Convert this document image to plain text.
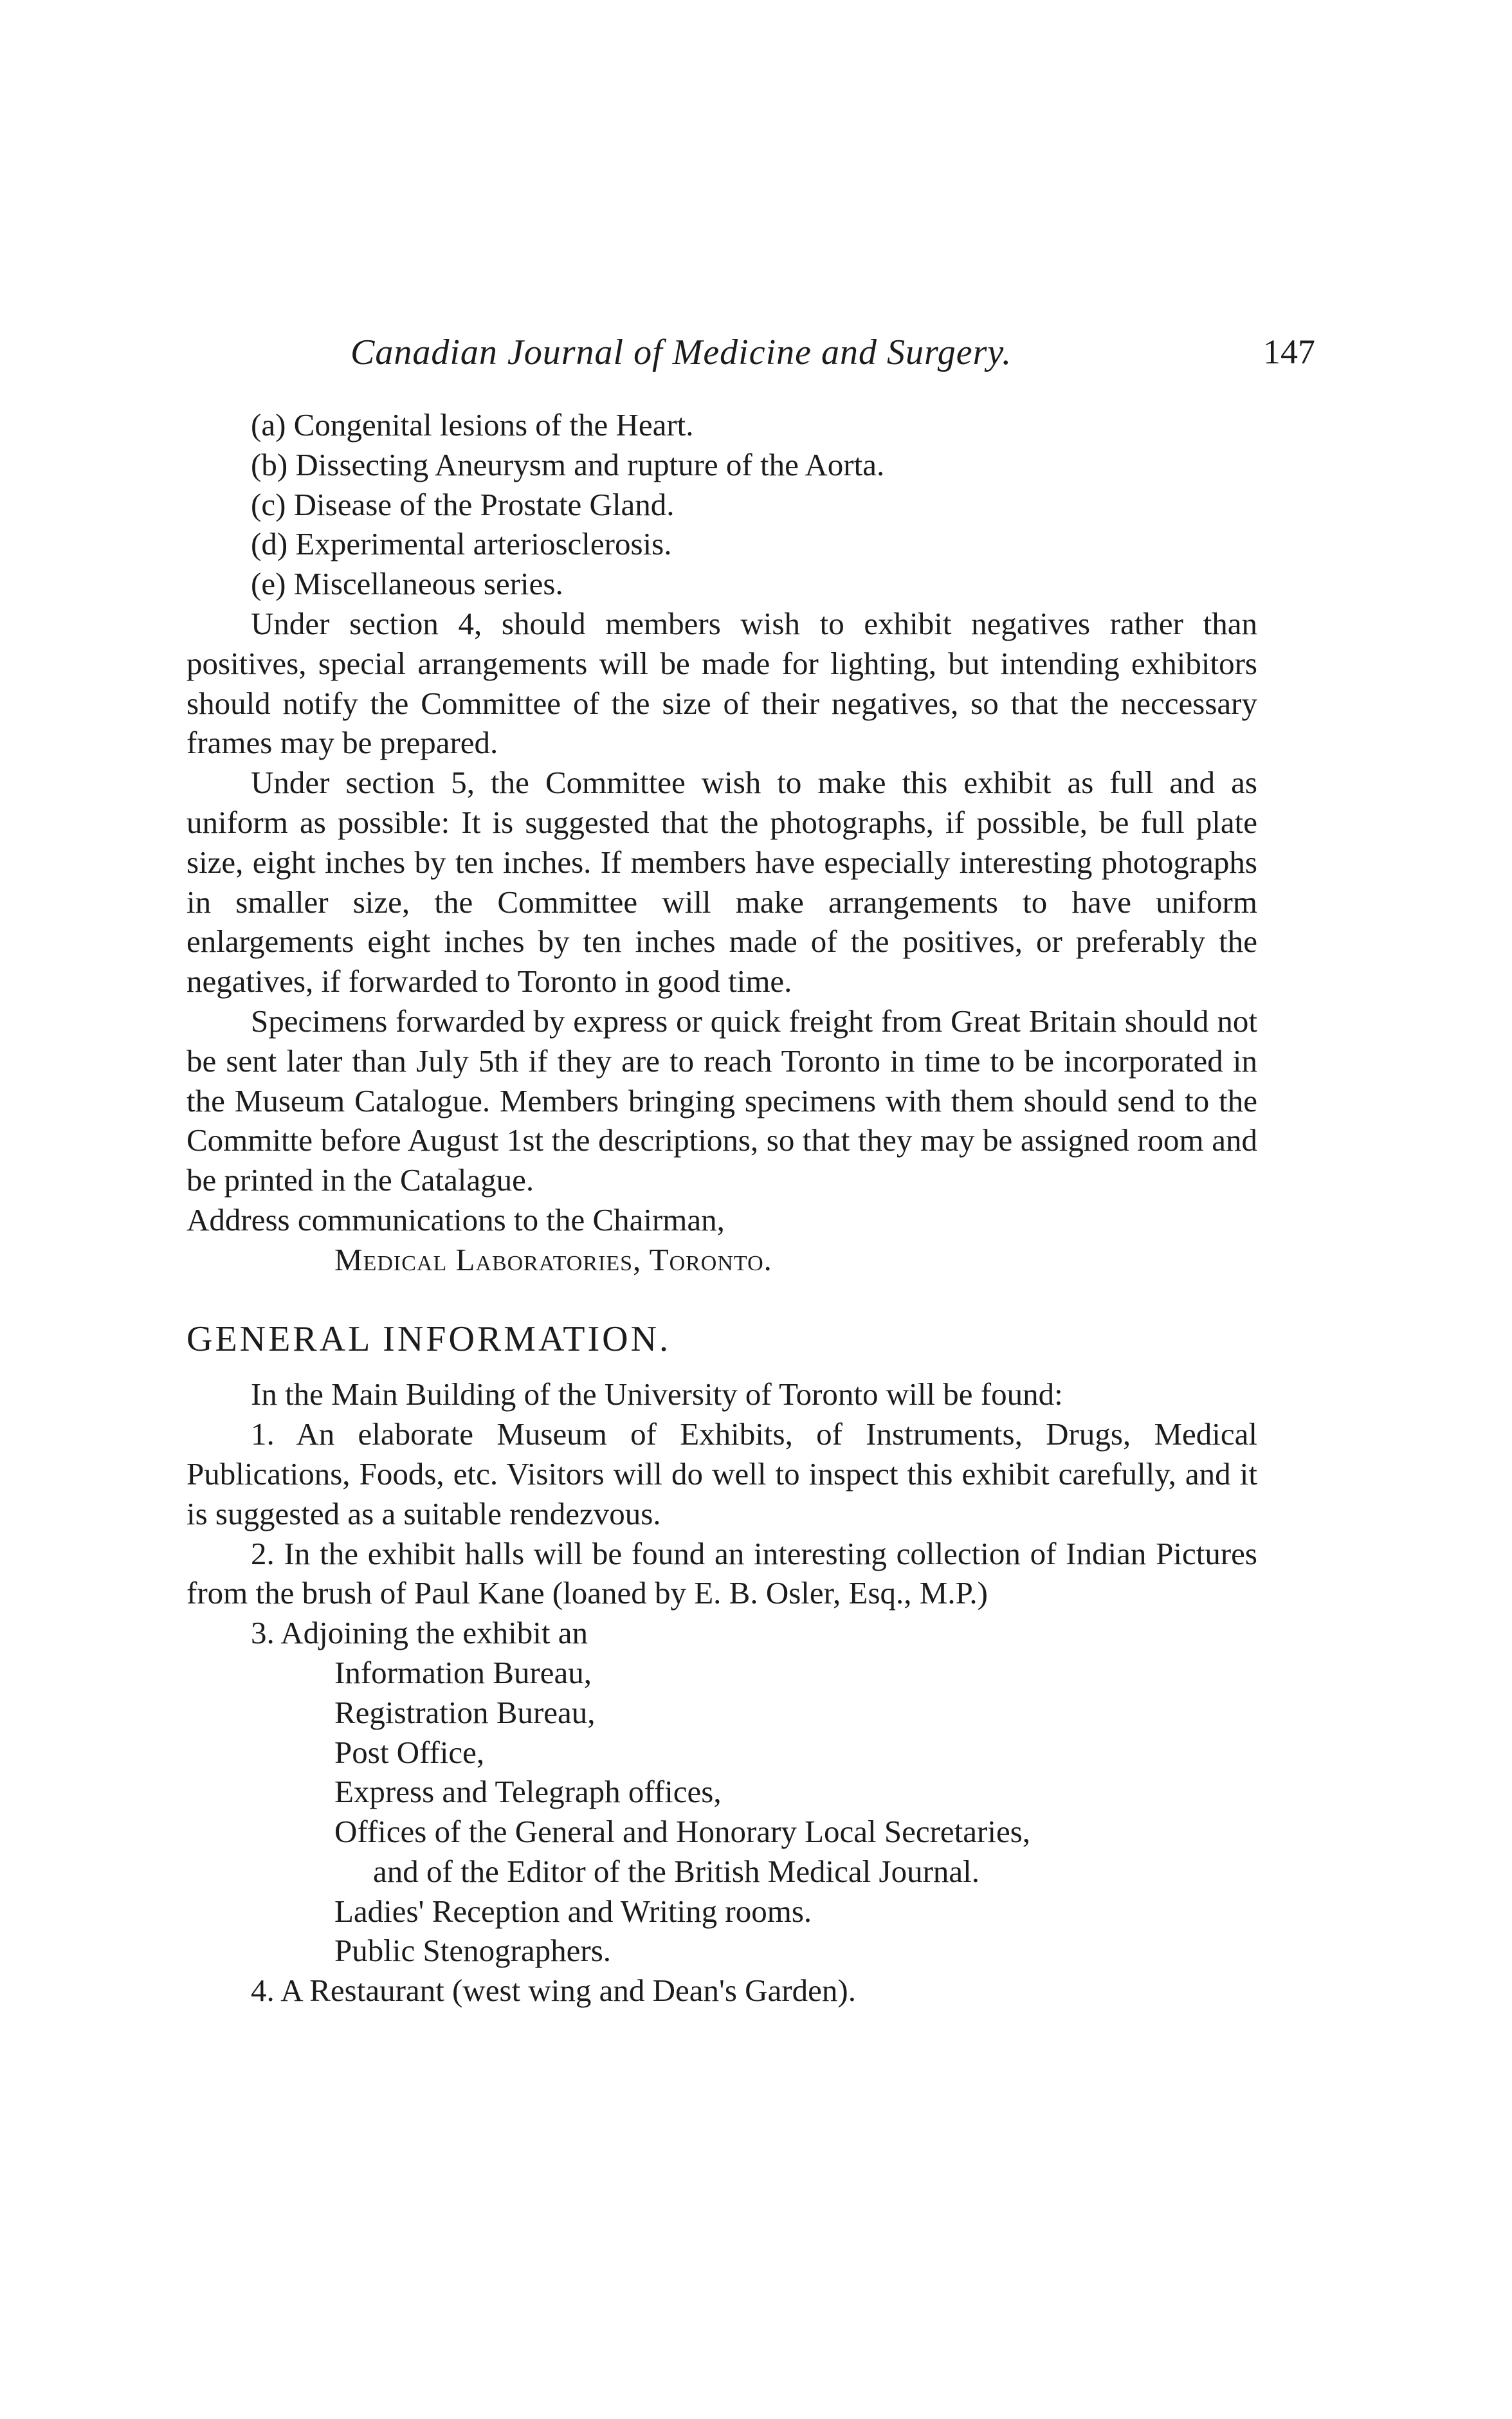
Canadian Journal of Medicine and Surgery.	147

(a) Congenital lesions of the Heart.

(b) Dissecting Aneurysm and rupture of the Aorta.

(c) Disease of the Prostate Gland.

(d) Experimental arteriosclerosis.

(e) Miscellaneous series.

Under section 4, should members wish to exhibit negatives rather than positives, special arrangements will be made for lighting, but intending exhibitors should notify the Committee of the size of their negatives, so that the neccessary frames may be prepared.

Under section 5, the Committee wish to make this exhibit as full and as uniform as possible: It is suggested that the photographs, if possible, be full plate size, eight inches by ten inches. If members have especially interesting photographs in smaller size, the Committee will make arrangements to have uniform enlargements eight inches by ten inches made of the positives, or preferably the negatives, if forwarded to Toronto in good time.

Specimens forwarded by express or quick freight from Great Britain should not be sent later than July 5th if they are to reach Toronto in time to be incorporated in the Museum Catalogue. Members bringing specimens with them should send to the Committe before August 1st the descriptions, so that they may be assigned room and be printed in the Catalague.

Address communications to the Chairman,

Medical Laboratories, Toronto.

GENERAL INFORMATION.

In the Main Building of the University of Toronto will be found:

1. An elaborate Museum of Exhibits, of Instruments, Drugs, Medical Publications, Foods, etc. Visitors will do well to inspect this exhibit carefully, and it is suggested as a suitable rendezvous.

2. In the exhibit halls will be found an interesting collection of Indian Pictures from the brush of Paul Kane (loaned by E. B. Osler, Esq., M.P.)

3. Adjoining the exhibit an

Information Bureau,

Registration Bureau,

Post Office,

Express and Telegraph offices,

Offices of the General and Honorary Local Secretaries,

and of the Editor of the British Medical Journal.

Ladies' Reception and Writing rooms.

Public Stenographers.

4. A Restaurant (west wing and Dean's Garden).
